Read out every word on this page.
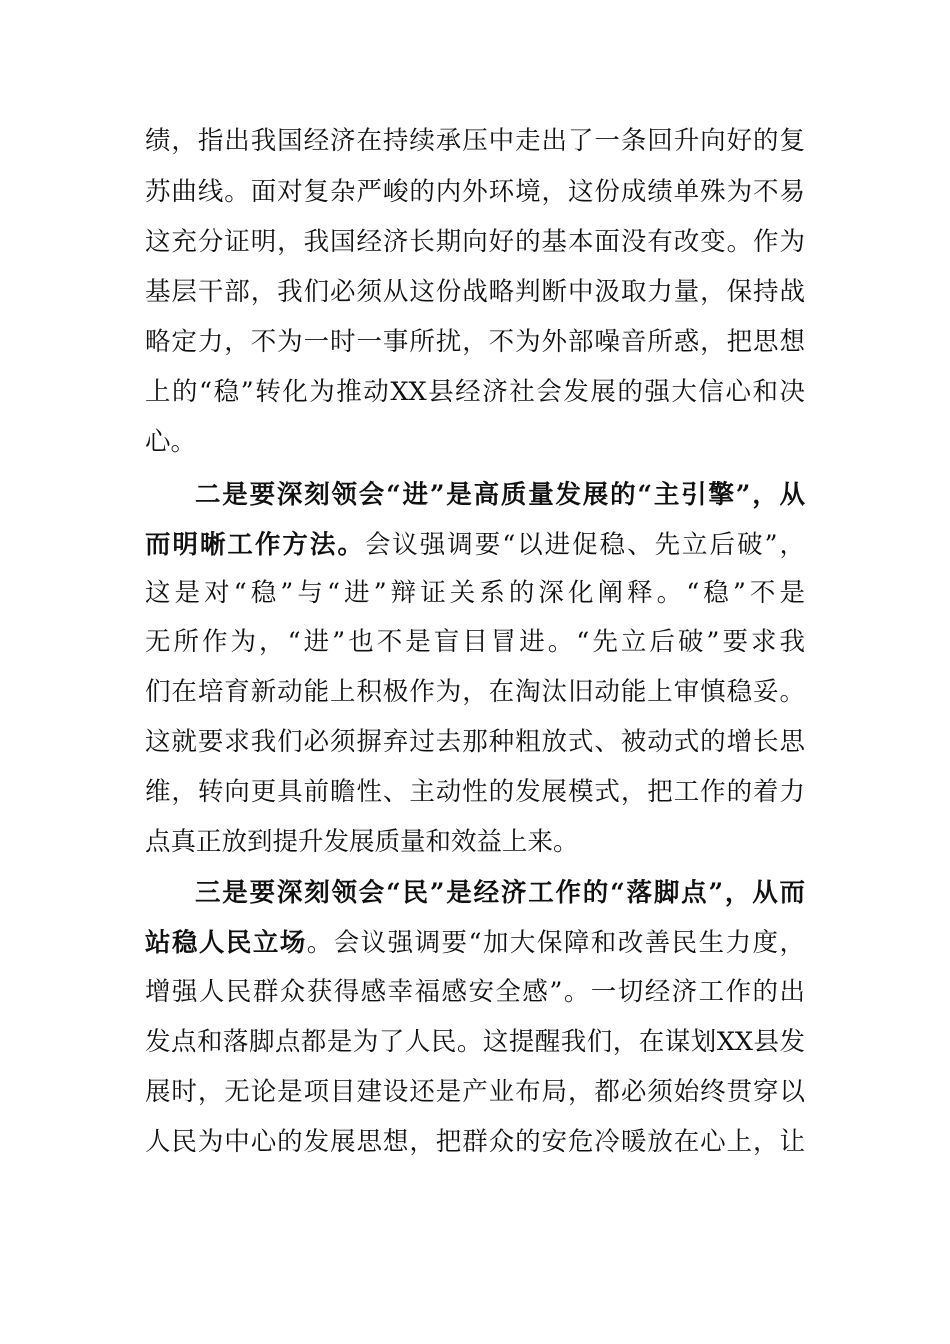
绩，指出我国经济在持续承压中走出了一条回升向好的复
苏曲线。面对复杂严峻的内外环境，这份成绩单殊为不易
这充分证明，我国经济长期向好的基本面没有改变。作为
基层干部，我们必须从这份战略判断中汲取力量，保持战
略定力，不为一时一事所扰，不为外部噪音所惑，把思想
上的“稳”转化为推动XX县经济社会发展的强大信心和决
心。
二是要深刻领会“进”是高质量发展的“主引擎”，从
而明晰工作方法。会议强调要“以进促稳、先立后破”，
这是对“稳”与“进”辩证关系的深化阐释。“稳”不是
无所作为，“进”也不是盲目冒进。“先立后破”要求我
们在培育新动能上积极作为，在淘汰旧动能上审慎稳妥。
这就要求我们必须摒弃过去那种粗放式、被动式的增长思
维，转向更具前瞻性、主动性的发展模式，把工作的着力
点真正放到提升发展质量和效益上来。
三是要深刻领会“民”是经济工作的“落脚点”，从而
站稳人民立场。会议强调要“加大保障和改善民生力度，
增强人民群众获得感幸福感安全感”。一切经济工作的出
发点和落脚点都是为了人民。这提醒我们，在谋划XX县发
展时，无论是项目建设还是产业布局，都必须始终贯穿以
人民为中心的发展思想，把群众的安危冷暖放在心上，让
